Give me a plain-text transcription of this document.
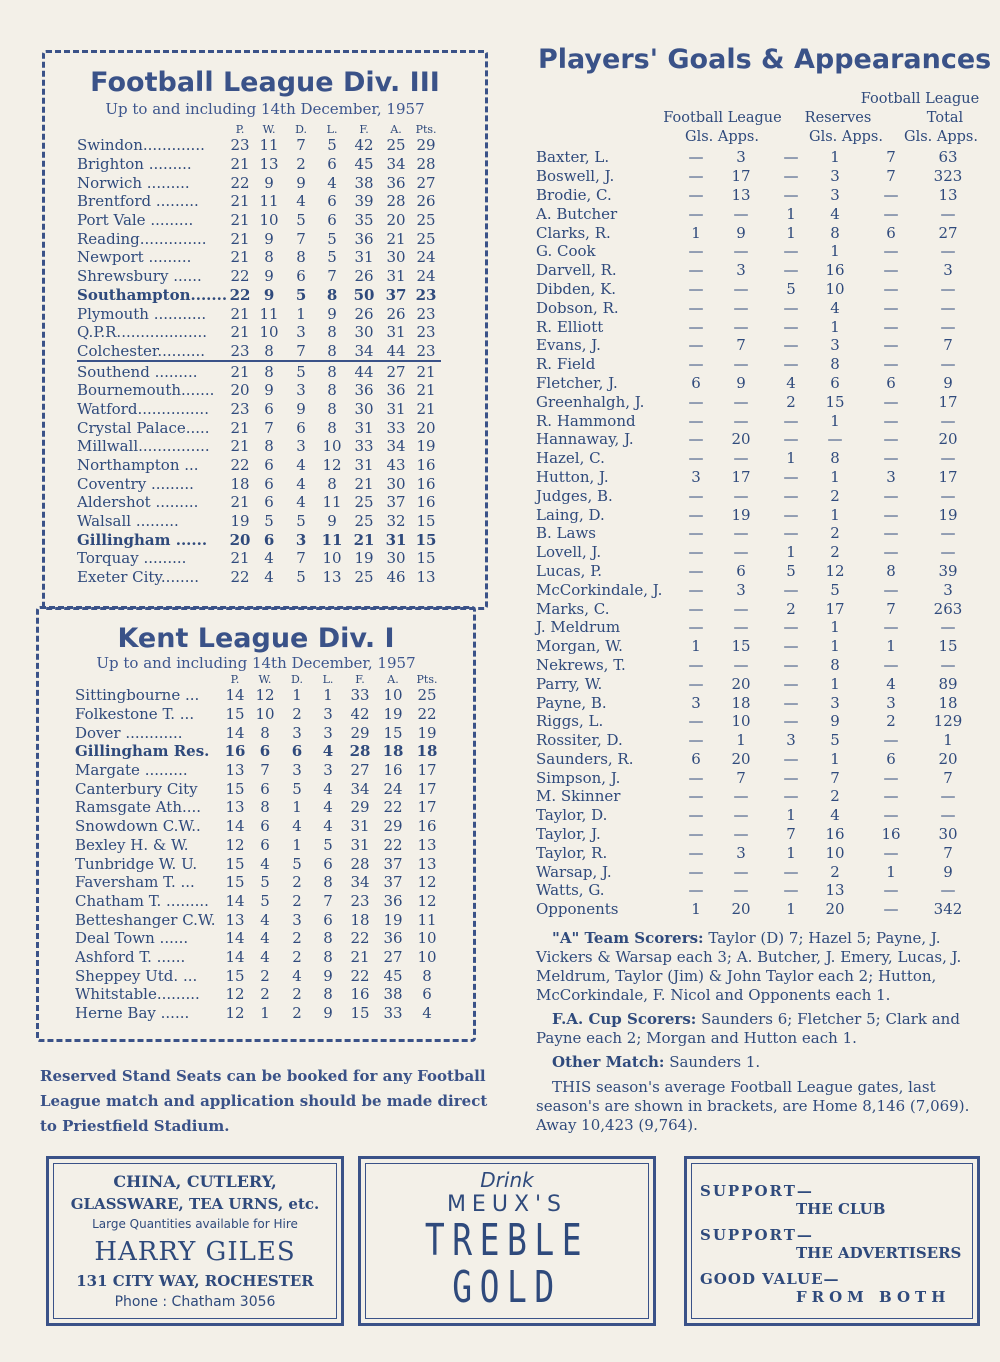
Football League Div. III

Up to and including 14th December, 1957

	P.	W.	D.	L.	F.	A.	Pts.
Swindon.............	23	11	7	5	42	25	29
Brighton .........	21	13	2	6	45	34	28
Norwich .........	22	9	9	4	38	36	27
Brentford .........	21	11	4	6	39	28	26
Port Vale .........	21	10	5	6	35	20	25
Reading..............	21	9	7	5	36	21	25
Newport .........	21	8	8	5	31	30	24
Shrewsbury ......	22	9	6	7	26	31	24
Southampton.......	22	9	5	8	50	37	23
Plymouth ...........	21	11	1	9	26	26	23
Q.P.R...................	21	10	3	8	30	31	23
Colchester..........	23	8	7	8	34	44	23
Southend .........	21	8	5	8	44	27	21
Bournemouth.......	20	9	3	8	36	36	21
Watford...............	23	6	9	8	30	31	21
Crystal Palace.....	21	7	6	8	31	33	20
Millwall...............	21	8	3	10	33	34	19
Northampton ...	22	6	4	12	31	43	16
Coventry .........	18	6	4	8	21	30	16
Aldershot .........	21	6	4	11	25	37	16
Walsall .........	19	5	5	9	25	32	15
Gillingham ......	20	6	3	11	21	31	15
Torquay .........	21	4	7	10	19	30	15
Exeter City........	22	4	5	13	25	46	13
Kent League Div. I

Up to and including 14th December, 1957

	P.	W.	D.	L.	F.	A.	Pts.
Sittingbourne ...	14	12	1	1	33	10	25
Folkestone T. ...	15	10	2	3	42	19	22
Dover ............	14	8	3	3	29	15	19
Gillingham Res.	16	6	6	4	28	18	18
Margate .........	13	7	3	3	27	16	17
Canterbury City	15	6	5	4	34	24	17
Ramsgate Ath....	13	8	1	4	29	22	17
Snowdown C.W..	14	6	4	4	31	29	16
Bexley H. & W.	12	6	1	5	31	22	13
Tunbridge W. U.	15	4	5	6	28	37	13
Faversham T. ...	15	5	2	8	34	37	12
Chatham T. .........	14	5	2	7	23	36	12
Betteshanger C.W.	13	4	3	6	18	19	11
Deal Town ......	14	4	2	8	22	36	10
Ashford T. ......	14	4	2	8	21	27	10
Sheppey Utd. ...	15	2	4	9	22	45	8
Whitstable.........	12	2	2	8	16	38	6
Herne Bay ......	12	1	2	9	15	33	4
Reserved Stand Seats can be booked for any Football League match and application should be made direct to Priestfield Stadium.
Players' Goals & Appearances
Football League
Football League	Reserves	Total
Gls. Apps.	Gls. Apps.	Gls. Apps.
Baxter, L.	—	3	—	1	7	63
Boswell, J.	—	17	—	3	7	323
Brodie, C.	—	13	—	3	—	13
A. Butcher	—	—	1	4	—	—
Clarks, R.	1	9	1	8	6	27
G. Cook	—	—	—	1	—	—
Darvell, R.	—	3	—	16	—	3
Dibden, K.	—	—	5	10	—	—
Dobson, R.	—	—	—	4	—	—
R. Elliott	—	—	—	1	—	—
Evans, J.	—	7	—	3	—	7
R. Field	—	—	—	8	—	—
Fletcher, J.	6	9	4	6	6	9
Greenhalgh, J.	—	—	2	15	—	17
R. Hammond	—	—	—	1	—	—
Hannaway, J.	—	20	—	—	—	20
Hazel, C.	—	—	1	8	—	—
Hutton, J.	3	17	—	1	3	17
Judges, B.	—	—	—	2	—	—
Laing, D.	—	19	—	1	—	19
B. Laws	—	—	—	2	—	—
Lovell, J.	—	—	1	2	—	—
Lucas, P.	—	6	5	12	8	39
McCorkindale, J.	—	3	—	5	—	3
Marks, C.	—	—	2	17	7	263
J. Meldrum	—	—	—	1	—	—
Morgan, W.	1	15	—	1	1	15
Nekrews, T.	—	—	—	8	—	—
Parry, W.	—	20	—	1	4	89
Payne, B.	3	18	—	3	3	18
Riggs, L.	—	10	—	9	2	129
Rossiter, D.	—	1	3	5	—	1
Saunders, R.	6	20	—	1	6	20
Simpson, J.	—	7	—	7	—	7
M. Skinner	—	—	—	2	—	—
Taylor, D.	—	—	1	4	—	—
Taylor, J.	—	—	7	16	16	30
Taylor, R.	—	3	1	10	—	7
Warsap, J.	—	—	—	2	1	9
Watts, G.	—	—	—	13	—	—
Opponents	1	20	1	20	—	342
"A" Team Scorers: Taylor (D) 7; Hazel 5; Payne, J. Vickers & Warsap each 3; A. Butcher, J. Emery, Lucas, J. Meldrum, Taylor (Jim) & John Taylor each 2; Hutton, McCorkindale, F. Nicol and Opponents each 1.
F.A. Cup Scorers: Saunders 6; Fletcher 5; Clark and Payne each 2; Morgan and Hutton each 1.
Other Match: Saunders 1.
THIS season's average Football League gates, last season's are shown in brackets, are Home 8,146 (7,069). Away 10,423 (9,764).
CHINA, CUTLERY,
GLASSWARE, TEA URNS, etc.
Large Quantities available for Hire
HARRY GILES
131 CITY WAY, ROCHESTER
Phone : Chatham 3056
Drink
MEUX'S
TREBLE
GOLD
SUPPORT—
THE CLUB
SUPPORT—
THE ADVERTISERS
GOOD VALUE—
FROM BOTH
